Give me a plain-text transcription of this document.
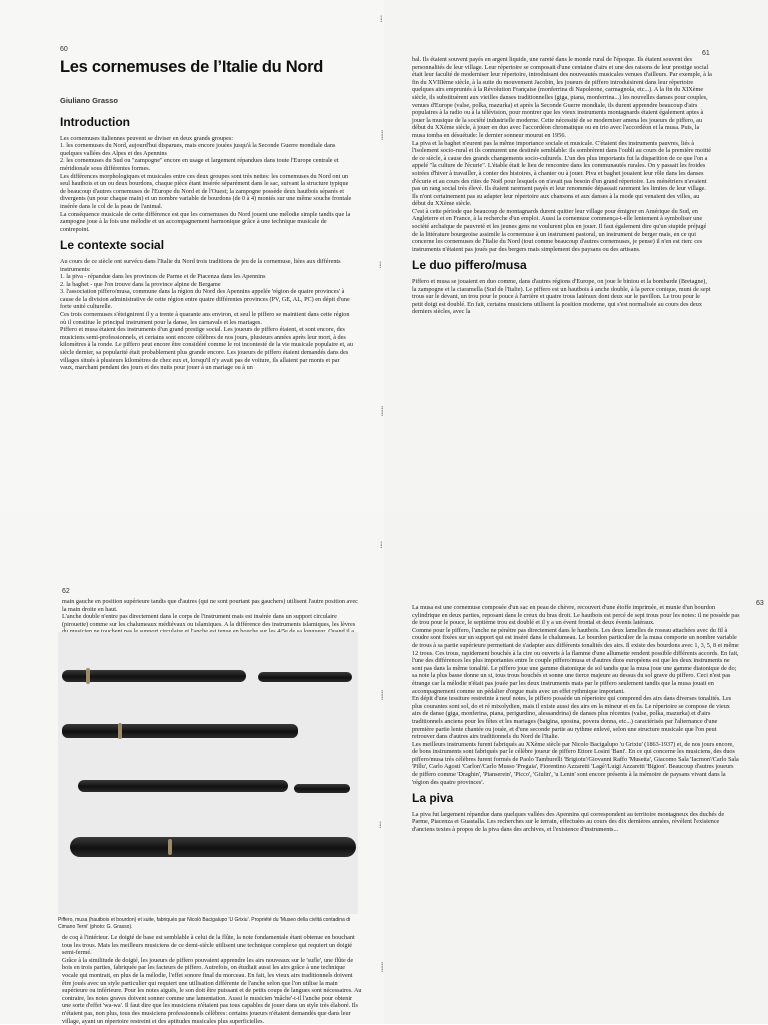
60
Les cornemuses de l’Italie du Nord
Giuliano Grasso
Introduction

Les cornemuses italiennes peuvent se diviser en deux grands groupes:
1. les cornemuses du Nord, aujourd'hui disparues, mais encore jouées jusqu'à la Seconde Guerre mondiale dans quelques vallées des Alpes et des Apennins
2. les cornemuses du Sud ou "zampogne" encore en usage et largement répandues dans toute l'Europe centrale et méridionale sous différentes formes.
Les différences morphologiques et musicales entre ces deux groupes sont très nettes: les cornemuses du Nord ont un seul hautbois et un ou deux bourdons, chaque pièce étant insérée séparément dans le sac, suivant la structure typique de beaucoup d'autres cornemuses de l'Europe du Nord et de l'Ouest; la zampogne possède deux hautbois séparés et divergents (un pour chaque main) et un nombre variable de bourdons (de 0 à 4) montés sur une même souche frontale insérée dans le col de la peau de l'animal.
La conséquence musicale de cette différence est que les cornemuses du Nord jouent une mélodie simple tandis que la zampogne joue à la fois une mélodie et un accompagnement harmonique grâce à une technique musicale de contrepoint.

Le contexte social

Au cours de ce siècle ont survécu dans l'Italie du Nord trois traditions de jeu de la cornemuse, liées aux différents instruments:
1. la piva - répandue dans les provinces de Parme et de Piacenza dans les Apennins
2. la baghet - que l'on trouve dans la province alpine de Bergame
3. l'association piffero/musa, commune dans la région du Nord des Apennins appelée 'région de quatre provinces' à cause de la division administrative de cette région entre quatre différentes provinces (PV, GE, AL, PC) en dépit d'une forte unité culturelle.
Ces trois cornemuses s'éteignirent il y a trente à quarante ans environ, et seul le piffero se maintient dans cette région où il constitue le principal instrument pour la danse, les carnavals et les mariages.
Piffero et musa étaient des instruments d'un grand prestige social. Les joueurs de piffero étaient, et sont encore, des musiciens semi-professionnels, et certains sont encore célèbres de nos jours, plusieurs années après leur mort, à des kilomètres à la ronde. Le piffero peut encore être considéré comme le roi incontesté de la vie musicale populaire et, au siècle dernier, sa popularité était probablement plus grande encore. Les joueurs de piffero étaient demandés dans des villages situés à plusieurs kilomètres de chez eux et, lorsqu'il n'y avait pas de voiture, ils allaient par monts et par vaux, marchant pendant des jours et des nuits pour jouer à un mariage ou à un

61

bal. Ils étaient souvent payés en argent liquide, une rareté dans le monde rural de l'époque. Ils étaient souvent des personnalités de leur village. Leur répertoire se composait d'une centaine d'airs et une des raisons de leur prestige social était leur faculté de moderniser leur répertoire, introduisant des nouveautés musicales venues d'ailleurs. Par exemple, à la fin du XVIIIème siècle, à la suite du mouvement Jacobin, les joueurs de piffero introduisirent dans leur répertoire quelques airs empruntés à la Révolution Française (monferrina di Napoleone, carmagnola, etc...). A la fin du XIXème siècle, ils substituèrent aux vieilles danses traditionnelles (giga, piana, monferrina...) les nouvelles danses pour couples, venues d'Europe (valse, polka, mazurka) et après la Seconde Guerre mondiale, ils durent apprendre beaucoup d'airs populaires à la radio ou à la télévision, pour montrer que les vieux instruments montagnards étaient également aptes à jouer la musique de la société industrielle moderne. Cette nécessité de se moderniser amena les joueurs de piffero, au début du XXème siècle, à jouer en duo avec l'accordéon chromatique ou en trio avec l'accordéon et la musa. Puis, la musa tomba en désuétude: le dernier sonneur mourut en 1956.
La piva et la baghet n'eurent pas la même importance sociale et musicale. C'étaient des instruments pauvres, liés à l'isolement socio-rural et ils connurent une destinée semblable: ils sombrèrent dans l'oubli au cours de la première moitié de ce siècle, à cause des grands changements socio-culturels. L'un des plus importants fut la disparition de ce que l'on a appelé "la culture de l'écurie". L'étable était le lieu de rencontre dans les communautés rurales. On y passait les froides soirées d'hiver à travailler, à conter des histoires, à chanter ou à jouer. Piva et baghet jouaient leur rôle dans les danses d'écurie et au cours des rites de Noël pour lesquels on n'avait pas besoin d'un grand répertoire. Les ménétriers n'avaient pas un rang social très élevé. Ils étaient rarement payés et leur renommée dépassait rarement les limites de leur village. Ils n'ont certainement pas su adapter leur répertoire aux chansons et aux danses à la mode qui venaient des villes, au début du XXème siècle.
C'est à cette période que beaucoup de montagnards durent quitter leur village pour émigrer en Amérique du Sud, en Angleterre et en France, à la recherche d'un emploi. Aussi la cornemuse commença-t-elle lentement à symboliser une société archaïque de pauvreté et les jeunes gens ne voulurent plus en jouer. Il faut également dire qu'un stupide préjugé de la littérature bourgeoise assimile la cornemuse à un instrument pastoral, un instrument de berger mais, en ce qui concerne les cornemuses de l'Italie du Nord (tout comme beaucoup d'autres cornemuses, je pense) il n'en est rien: ces instruments n'étaient pas joués par des bergers mais simplement des paysans ou des artisans.

Le duo piffero/musa

Piffero et musa se jouaient en duo comme, dans d'autres régions d'Europe, on joue le biniou et la bombarde (Bretagne), la zampogne et la ciaramella (Sud de l'Italie). Le piffero est un hautbois à anche double, à la perce conique, muni de sept trous sur le devant, un trou pour le pouce à l'arrière et quatre trous latéraux dont deux sur le pavillon. Le trou pour le petit doigt est doublé. En fait, certains musiciens utilisent la position moderne, qui s'est normalisée au cours des deux derniers siècles, avec la

62

main gauche en position supérieure tandis que d'autres (qui ne sont pourtant pas gauchers) utilisent l'autre position avec la main droite en haut.
L'anche double n'entre pas directement dans le corps de l'instrument mais est insérée dans un support circulaire (pirouette) comme sur les chalumeaux médiévaux ou islamiques. A la différence des instruments islamiques, les lèvres

Piffero, musa (hautbois et bourdon) et suite, fabriqués par Nicolò Bacigalupo 'U Grixiu'. Propriété du 'Museo della civiltà contadina di Cimano Terni' (photo: G. Grasso).

de coq à l'intérieur. Le doigté de base est semblable à celui de la flûte, la note fondamentale étant obtenue en bouchant tous les trous. Mais les meilleurs musiciens de ce demi-siècle utilisent une technique complexe qui requiert un doigté semi-fermé.
Grâce à la similitude de doigté, les joueurs de piffero pouvaient apprendre les airs nouveaux sur le 'sufle', une flûte de bois en trois parties, fabriquée par les facteurs de piffero. Autrefois, on étudiait aussi les airs grâce à une technique vocale qui montrait, en plus de la mélodie, l'effet sonore final du morceau. En fait, les vieux airs traditionnels doivent être joués avec un style particulier qui requiert une utilisation différente de l'anche selon que l'on utilise la main supérieure ou inférieure. Pour les notes aiguës, le son doit être puissant et de petits coups de langues sont nécessaires. Au contraire, les notes graves doivent sonner comme une lamentation. Aussi le musicien 'mâche'-t-il l'anche pour obtenir une sorte d'effet 'wa-wa'. Il faut dire que les musiciens n'étaient pas tous capables de jouer dans un style très élaboré. Ils n'étaient pas, non plus, tous des musiciens professionnels célèbres: certains joueurs n'étaient demandés que dans leur village, ayant un répertoire restreint et des aptitudes musicales plus superficielles.

63

La musa est une cornemuse composée d'un sac en peau de chèvre, recouvert d'une étoffe imprimée, et munie d'un bourdon cylindrique en deux parties, reposant dans le creux du bras droit. Le hautbois est percé de sept trous pour les notes: il ne possède pas de trou pour le pouce, le septième trou est doublé et il y a un évent frontal et deux évents latéraux.
Comme pour le piffero, l'anche ne pénètre pas directement dans le hautbois. Les deux lamelles de roseau attachées avec du fil à coudre sont fixées sur un support qui est inséré dans le chalumeau. Le bourdon particulier de la musa comporte un nombre variable de trous à sa partie supérieure permettant de s'adapter aux différents tonalités des airs. Il existe des bourdons avec 1, 3, 5, 8 et même 12 trous. Ces trous, rapidement bouchés à la cire ou ouverts à la flamme d'une allumette rendent possible différents accords. En fait, l'une des différences les plus importantes entre le couple piffero/musa et d'autres duos européens est que les deux instruments ne sont pas dans la même tonalité. Le piffero joue une gamme diatonique de sol tandis que la musa joue une gamme diatonique de do; sa note la plus basse donne un si, tous trous bouchés et sonne une tierce majeure au dessus du sol grave du piffero. Ceci n'est pas étrange car la mélodie n'était pas jouée par les deux instruments mais par le piffero seulement tandis que la musa jouait en accompagnement comme un pédalier d'orgue mais avec un effet rythmique important.
En dépit d'une tessiture restreinte à neuf notes, le piffero possède un répertoire qui comprend des airs dans diverses tonalités. Les plus courantes sont sol, do et ré mixolydien, mais il existe aussi des airs en la mineur et en fa. Le répertoire se compose de vieux airs de danse (giga, monferina, piana, perigurdino, alessandrina) de danses plus récentes (valse, polka, mazurka) et d'airs traditionnels anciens pour les fêtes et les mariages (baigina, sposina, povera donna, etc...) caractérisés par l'alternance d'une première partie lente chantée ou jouée, et d'une seconde partie au rythme enlevé, selon une structure musicale que l'on peut retrouver dans d'autres airs traditionnels du Nord de l'Italie.
Les meilleurs instruments furent fabriqués au XXème siècle par Nicolo Bacigalupo 'u Grixiu' (1863-1937) et, de nos jours encore, de bons instruments sont fabriqués par le célèbre joueur de piffero Ettore Losini 'Bani'. En ce qui concerne les musiciens, des duos piffero/musa très célèbres furent formés de Paolo Tamburelli 'Brigiotu'/Giovanni Raffo 'Musetta', Giacomo Sala 'Iacmon'/Carlo Sala 'Pillu', Carlo Agosti 'Carlon'/Carlo Musso 'Pregaia', Fiorentino Azzaretti 'Lagè'/Luigi Azzaretti 'Bigion'. Beaucoup d'autres joueurs de piffero comme 'Draghin', 'Pianserein', 'Picco', 'Giulin', 'u Lenin' sont encore présents à la mémoire de paysans vivant dans la 'région des quatre provinces'.

La piva

La piva fut largement répandue dans quelques vallées des Apennins qui correspondent au territoire montagneux des duchés de Parme, Piacenza et Guastalla. Les recherches sur le terrain, effectuées au cours des dix dernières années, révèlent l'existence d'anciens textes à propos de la piva dans des archives, et l'existence d'instruments...

⁞
⸽
⁞
⸽
⁞
⸽
⁞
⸽
